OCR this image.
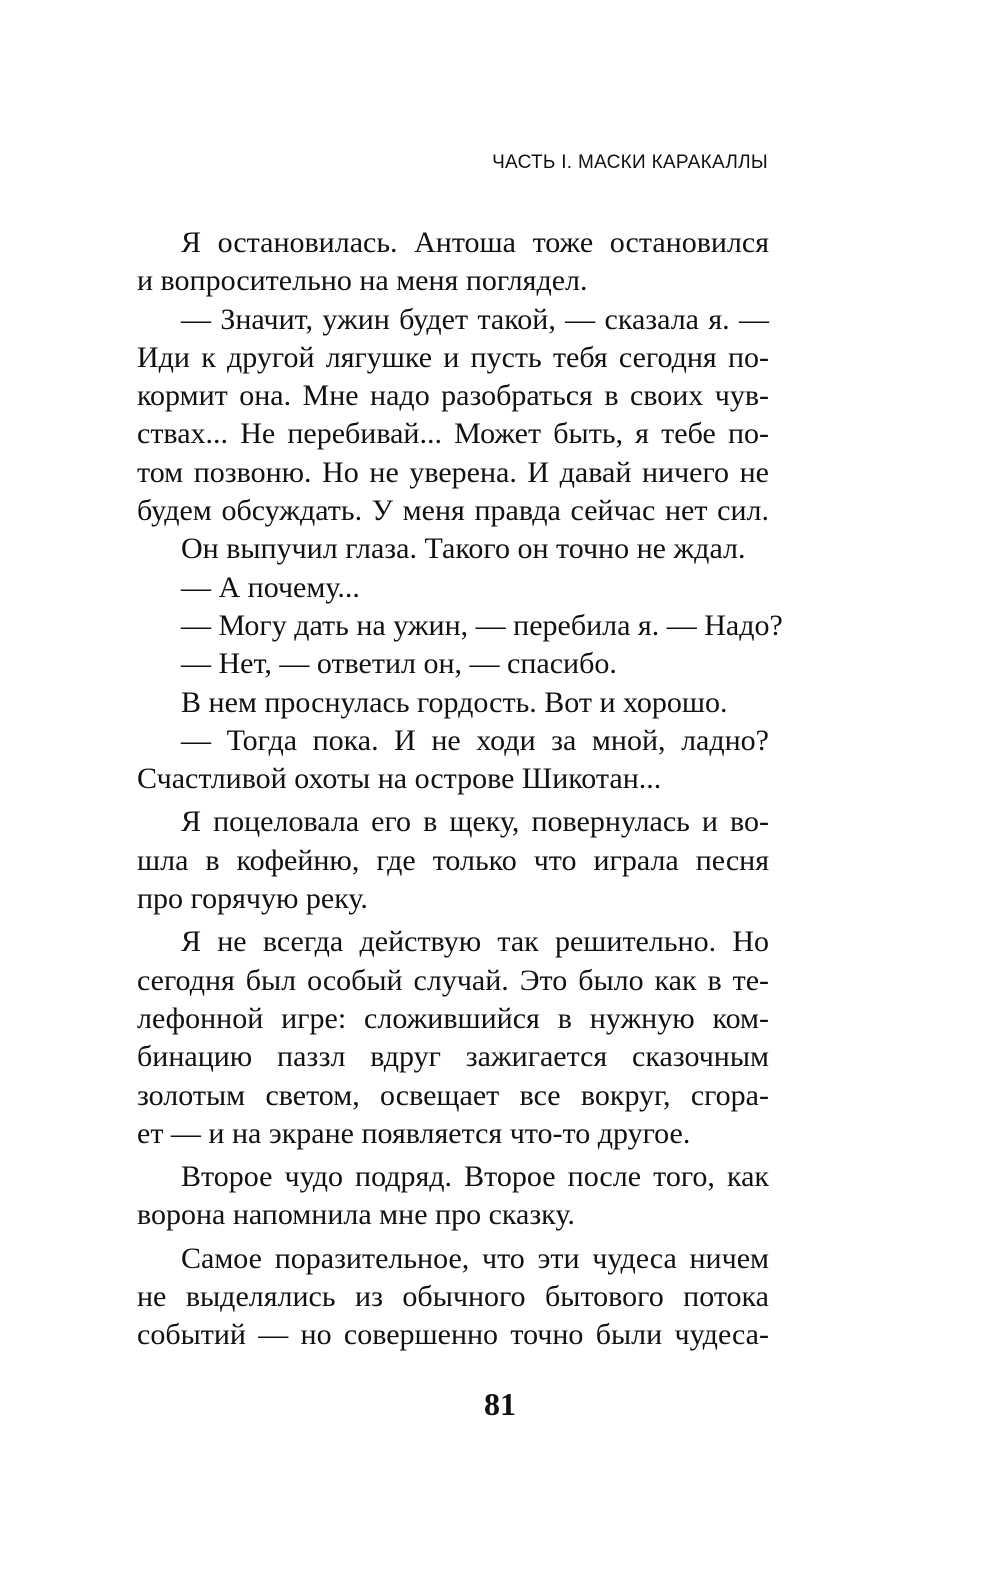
ЧАСТЬ I. МАСКИ КАРАКАЛЛЫ
Я остановилась. Антоша тоже остановился
и вопросительно на меня поглядел.
— Значит, ужин будет такой, — сказала я. —
Иди к другой лягушке и пусть тебя сегодня по-
кормит она. Мне надо разобраться в своих чув-
ствах... Не перебивай... Может быть, я тебе по-
том позвоню. Но не уверена. И давай ничего не
будем обсуждать. У меня правда сейчас нет сил.
Он выпучил глаза. Такого он точно не ждал.
— А почему...
— Могу дать на ужин, — перебила я. — Надо?
— Нет, — ответил он, — спасибо.
В нем проснулась гордость. Вот и хорошо.
— Тогда пока. И не ходи за мной, ладно?
Счастливой охоты на острове Шикотан...
Я поцеловала его в щеку, повернулась и во-
шла в кофейню, где только что играла песня
про горячую реку.
Я не всегда действую так решительно. Но
сегодня был особый случай. Это было как в те-
лефонной игре: сложившийся в нужную ком-
бинацию паззл вдруг зажигается сказочным
золотым светом, освещает все вокруг, сгора-
ет — и на экране появляется что-то другое.
Второе чудо подряд. Второе после того, как
ворона напомнила мне про сказку.
Самое поразительное, что эти чудеса ничем
не выделялись из обычного бытового потока
событий — но совершенно точно были чудеса-
81
